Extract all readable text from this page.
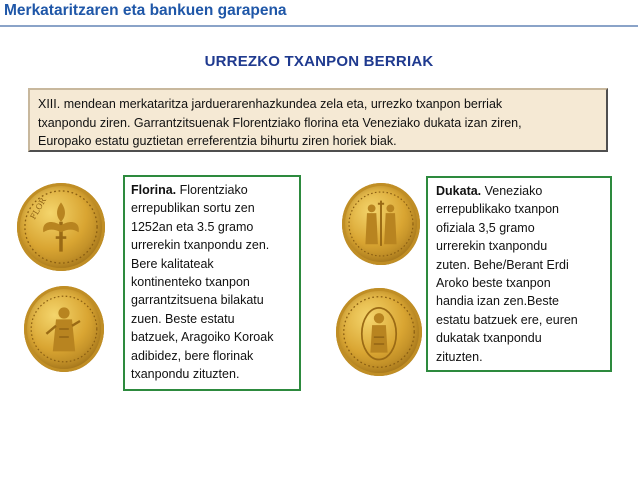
Merkataritzaren eta bankuen garapena
URREZKO TXANPON BERRIAK
XIII. mendean merkataritza jarduerarenhazkundea zela eta, urrezko txanpon berriak
txanpondu ziren. Garrantzitsuenak Florentziako florina eta Veneziako dukata izan ziren,
Europako estatu guztietan erreferentzia bihurtu ziren horiek biak.
FLOR
Florina. Florentziako
errepublikan sortu zen
1252an eta 3.5 gramo
urrerekin txanpondu zen.
Bere kalitateak
kontinenteko txanpon
garrantzitsuena bilakatu
zuen. Beste estatu
batzuek, Aragoiko Koroak
adibidez, bere florinak
txanpondu zituzten.
Dukata. Veneziako
errepublikako txanpon
ofiziala 3,5 gramo
urrerekin txanpondu
zuten. Behe/Berant Erdi
Aroko beste txanpon
handia izan zen.Beste
estatu batzuek ere, euren
dukatak txanpondu
zituzten.
